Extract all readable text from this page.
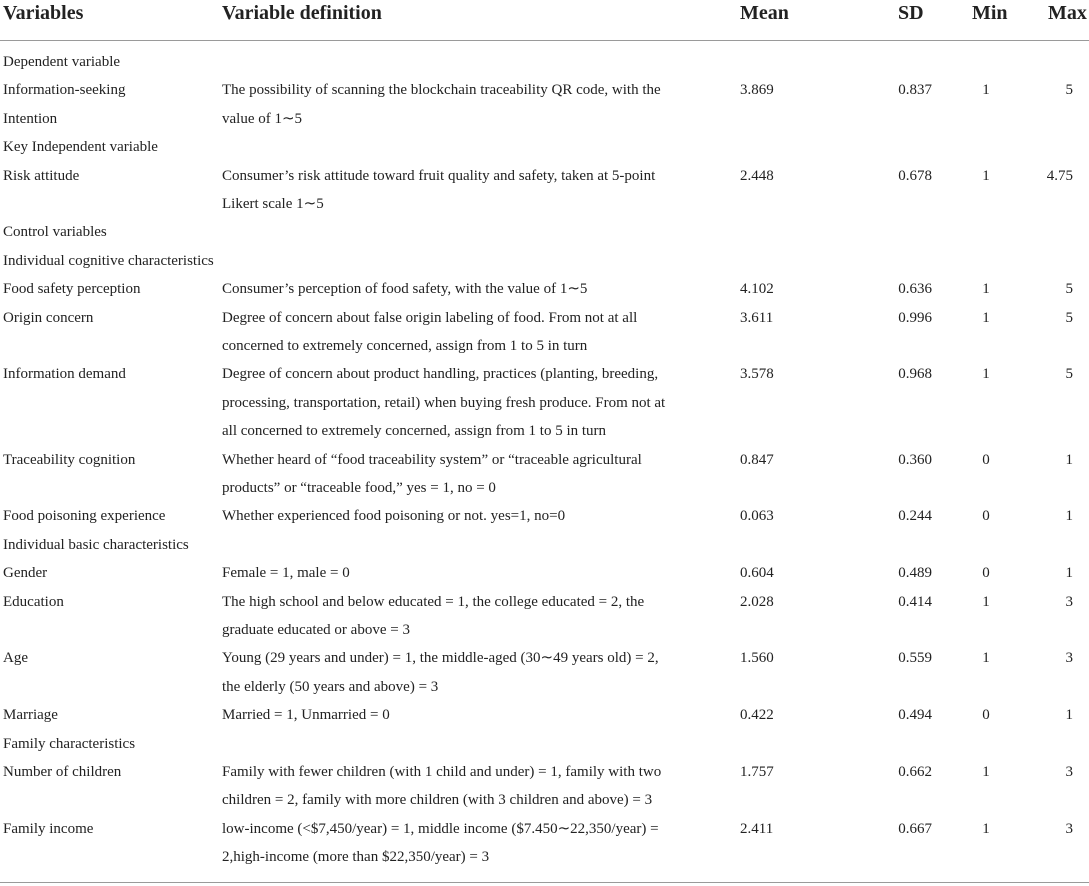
Variables	Variable definition	Mean	SD Min Max
Dependent variable
Information-seeking
Intention
The possibility of scanning the blockchain traceability QR code, with the
value of 1∼5
3.869	0.837	1	5
Key Independent variable
Risk attitude	Consumer’s risk attitude toward fruit quality and safety, taken at 5-point
Likert scale 1∼5
2.448	0.678	1	4.75
Control variables
Individual cognitive characteristics
Food safety perception	Consumer’s perception of food safety, with the value of 1∼5	4.102	0.636	1	5
Origin concern	Degree of concern about false origin labeling of food. From not at all
concerned to extremely concerned, assign from 1 to 5 in turn
3.611	0.996	1	5
Information demand	Degree of concern about product handling, practices (planting, breeding,
processing, transportation, retail) when buying fresh produce. From not at
all concerned to extremely concerned, assign from 1 to 5 in turn
3.578	0.968	1	5
Traceability cognition	Whether heard of “food traceability system” or “traceable agricultural
products” or “traceable food,” yes = 1, no = 0
0.847	0.360	0	1
Food poisoning experience	Whether experienced food poisoning or not. yes=1, no=0	0.063	0.244	0	1
Individual basic characteristics
Gender	Female = 1, male = 0	0.604	0.489	0	1
Education	The high school and below educated = 1, the college educated = 2, the
graduate educated or above = 3
2.028	0.414	1	3
Age	Young (29 years and under) = 1, the middle-aged (30∼49 years old) = 2,
the elderly (50 years and above) = 3
1.560	0.559	1	3
Marriage	Married = 1, Unmarried = 0	0.422	0.494	0	1
Family characteristics
Number of children	Family with fewer children (with 1 child and under) = 1, family with two
children = 2, family with more children (with 3 children and above) = 3
1.757	0.662	1	3
Family income	low-income (<$7,450/year) = 1, middle income ($7.450∼22,350/year) =
2,high-income (more than $22,350/year) = 3
2.411	0.667	1	3
